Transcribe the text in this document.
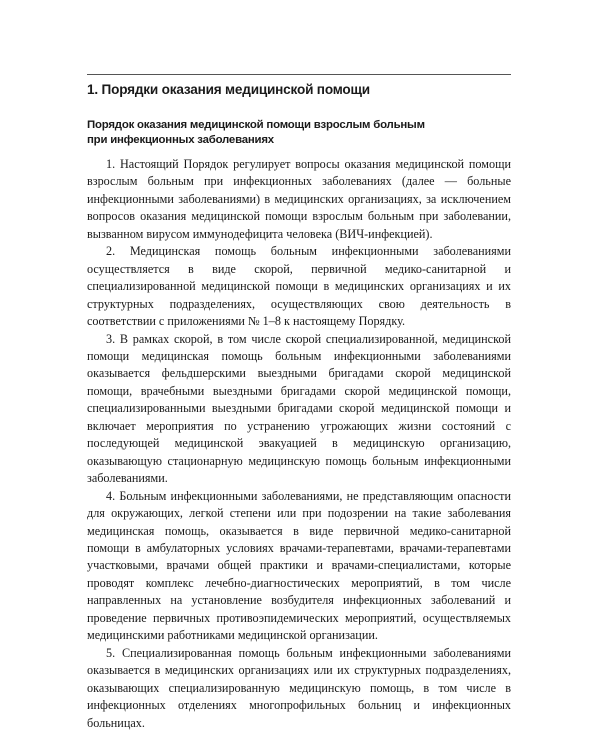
1. Порядки оказания медицинской помощи
Порядок оказания медицинской помощи взрослым больным
при инфекционных заболеваниях

1. Настоящий Порядок регулирует вопросы оказания медицинской помощи взрослым больным при инфекционных заболеваниях (далее — больные инфекционными заболеваниями) в медицинских организациях, за исключением вопросов оказания медицинской помощи взрослым больным при заболевании, вызванном вирусом иммунодефицита человека (ВИЧ-инфекцией).

2. Медицинская помощь больным инфекционными заболеваниями осуществляется в виде скорой, первичной медико-санитарной и специализированной медицинской помощи в медицинских организациях и их структурных подразделениях, осуществляющих свою деятельность в соответствии с приложениями № 1–8 к настоящему Порядку.

3. В рамках скорой, в том числе скорой специализированной, медицинской помощи медицинская помощь больным инфекционными заболеваниями оказывается фельдшерскими выездными бригадами скорой медицинской помощи, врачебными выездными бригадами скорой медицинской помощи, специализированными выездными бригадами скорой медицинской помощи и включает мероприятия по устранению угрожающих жизни состояний с последующей медицинской эвакуацией в медицинскую организацию, оказывающую стационарную медицинскую помощь больным инфекционными заболеваниями.

4. Больным инфекционными заболеваниями, не представляющим опасности для окружающих, легкой степени или при подозрении на такие заболевания медицинская помощь, оказывается в виде первичной медико-санитарной помощи в амбулаторных условиях врачами-терапевтами, врачами-терапевтами участковыми, врачами общей практики и врачами-специалистами, которые проводят комплекс лечебно-диагностических мероприятий, в том числе направленных на установление возбудителя инфекционных заболеваний и проведение первичных противоэпидемических мероприятий, осуществляемых медицинскими работниками медицинской организации.

5. Специализированная помощь больным инфекционными заболеваниями оказывается в медицинских организациях или их структурных подразделениях, оказывающих специализированную медицинскую помощь, в том числе в инфекционных отделениях многопрофильных больниц и инфекционных больницах.
